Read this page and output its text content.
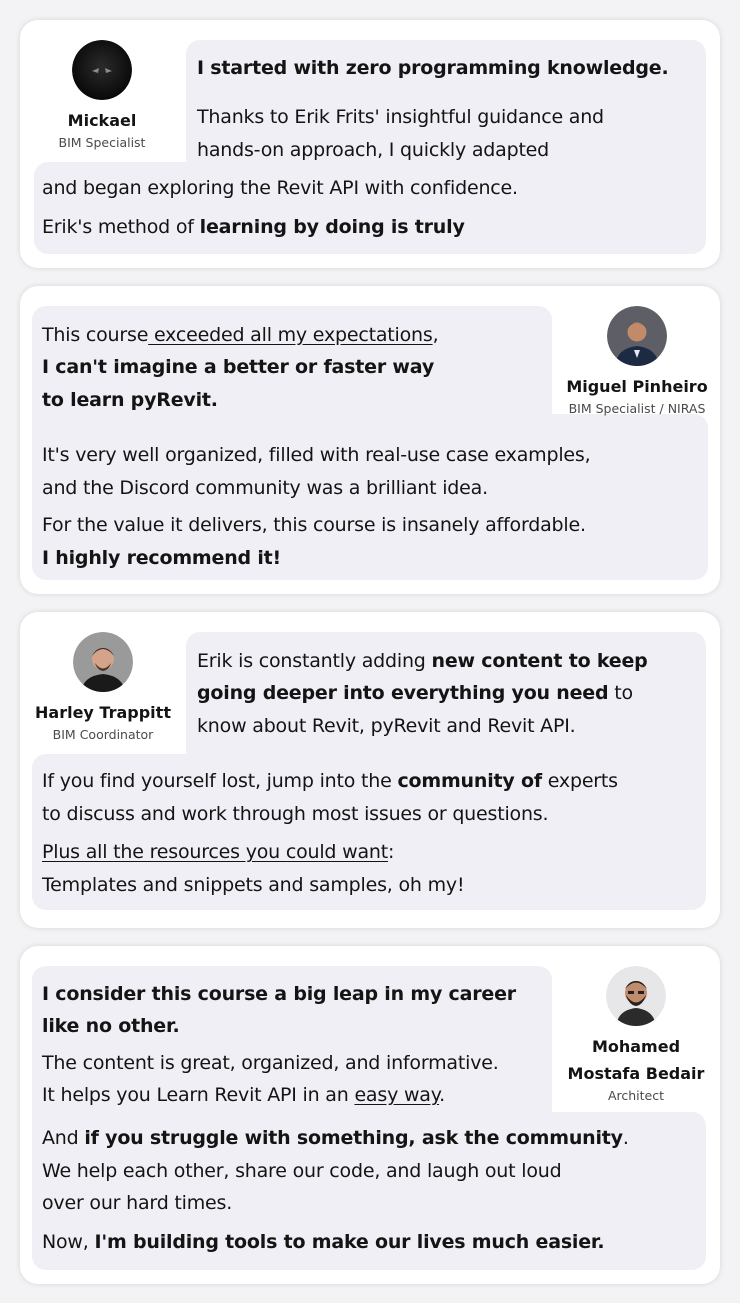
Mickael
BIM Specialist

I started with zero programming knowledge.

Thanks to Erik Frits' insightful guidance and

hands-on approach, I quickly adapted

and began exploring the Revit API with confidence.

Erik's method of learning by doing is truly

Miguel Pinheiro
BIM Specialist / NIRAS

This course exceeded all my expectations,

I can't imagine a better or faster way

to learn pyRevit.

It's very well organized, filled with real-use case examples,

and the Discord community was a brilliant idea.

For the value it delivers, this course is insanely affordable.

I highly recommend it!

Harley Trappitt
BIM Coordinator

Erik is constantly adding new content to keep

going deeper into everything you need to

know about Revit, pyRevit and Revit API.

If you find yourself lost, jump into the community of experts

to discuss and work through most issues or questions.

Plus all the resources you could want:

Templates and snippets and samples, oh my!

Mohamed
Mostafa Bedair
Architect

I consider this course a big leap in my career

like no other.

The content is great, organized, and informative.

It helps you Learn Revit API in an easy way.

And if you struggle with something, ask the community.

We help each other, share our code, and laugh out loud

over our hard times.

Now, I'm building tools to make our lives much easier.
